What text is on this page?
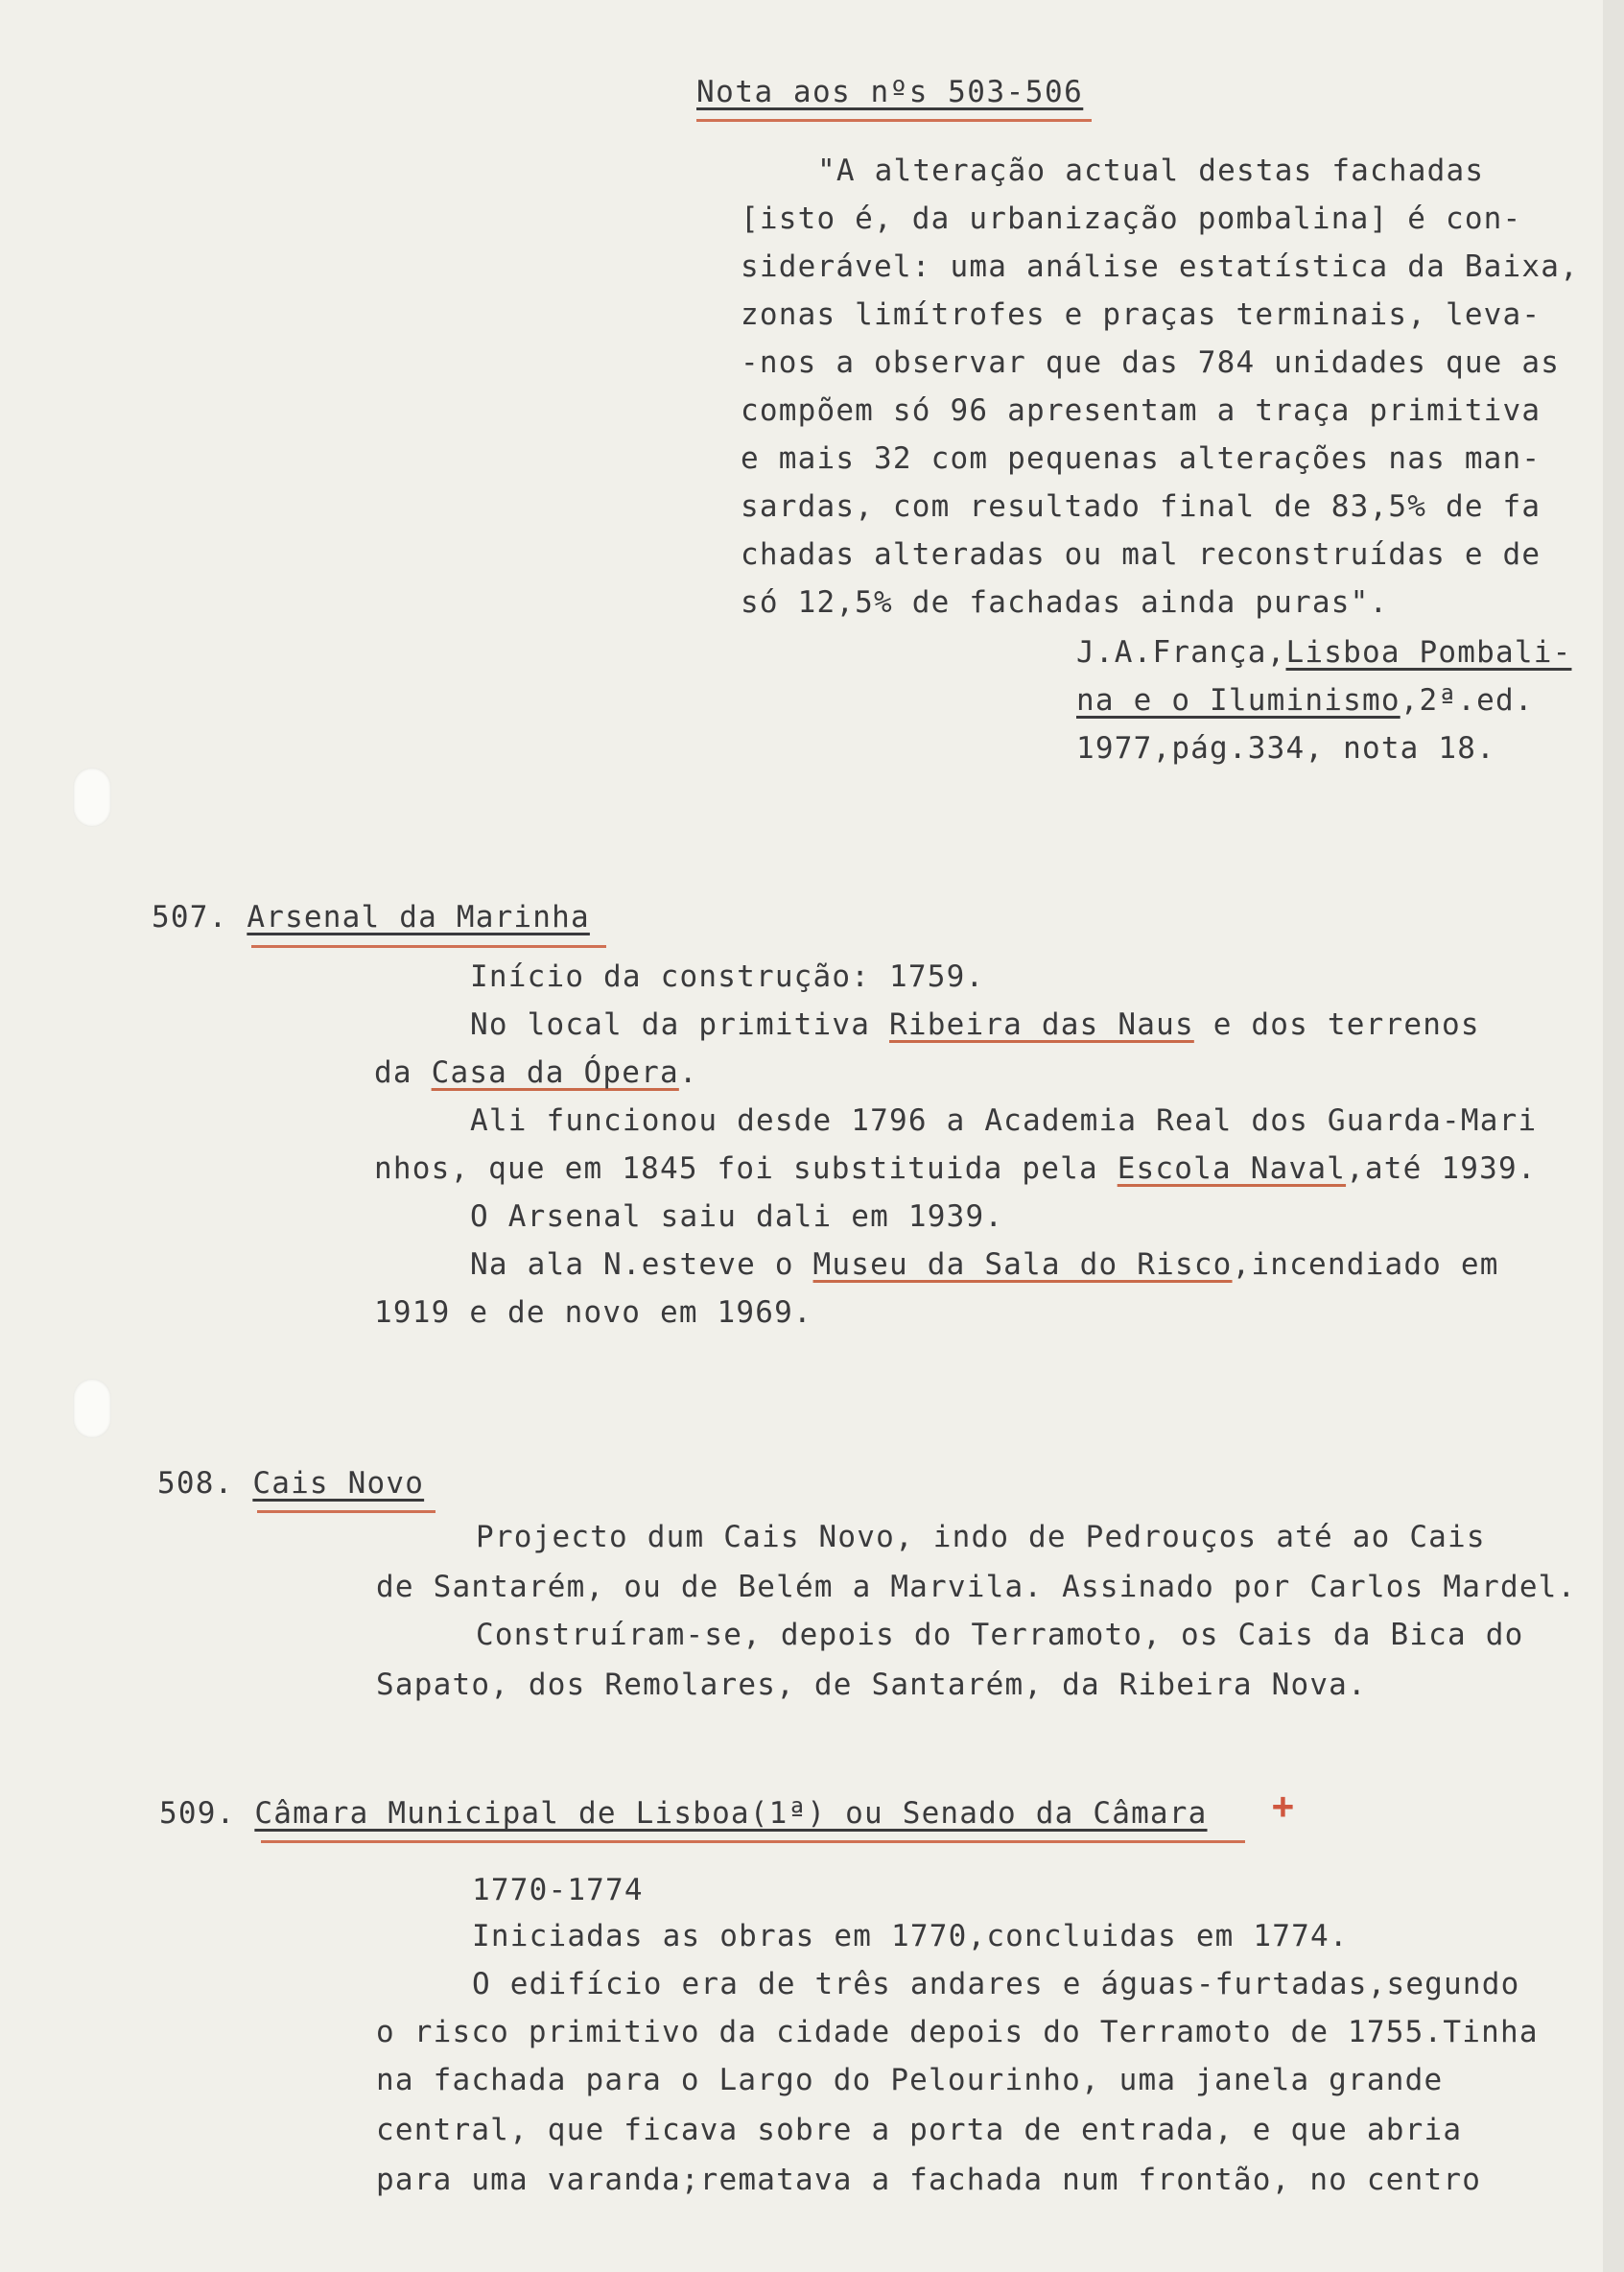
Nota aos nºs 503-506
"A alteração actual destas fachadas
[isto é, da urbanização pombalina] é con-
siderável: uma análise estatística da Baixa,
zonas limítrofes e praças terminais, leva-
-nos a observar que das 784 unidades que as
compõem só 96 apresentam a traça primitiva
e mais 32 com pequenas alterações nas man-
sardas, com resultado final de 83,5% de fa
chadas alteradas ou mal reconstruídas e de
só 12,5% de fachadas ainda puras".
J.A.França,Lisboa Pombali-
na e o Iluminismo,2ª.ed.
1977,pág.334, nota 18.
507. Arsenal da Marinha
Início da construção: 1759.
No local da primitiva Ribeira das Naus e dos terrenos
da Casa da Ópera.
Ali funcionou desde 1796 a Academia Real dos Guarda-Mari
nhos, que em 1845 foi substituida pela Escola Naval,até 1939.
O Arsenal saiu dali em 1939.
Na ala N.esteve o Museu da Sala do Risco,incendiado em
1919 e de novo em 1969.
508. Cais Novo
Projecto dum Cais Novo, indo de Pedrouços até ao Cais
de Santarém, ou de Belém a Marvila. Assinado por Carlos Mardel.
Construíram-se, depois do Terramoto, os Cais da Bica do
Sapato, dos Remolares, de Santarém, da Ribeira Nova.
509. Câmara Municipal de Lisboa(1ª) ou Senado da Câmara +
1770-1774
Iniciadas as obras em 1770,concluidas em 1774.
O edifício era de três andares e águas-furtadas,segundo
o risco primitivo da cidade depois do Terramoto de 1755.Tinha
na fachada para o Largo do Pelourinho, uma janela grande
central, que ficava sobre a porta de entrada, e que abria
para uma varanda;rematava a fachada num frontão, no centro
